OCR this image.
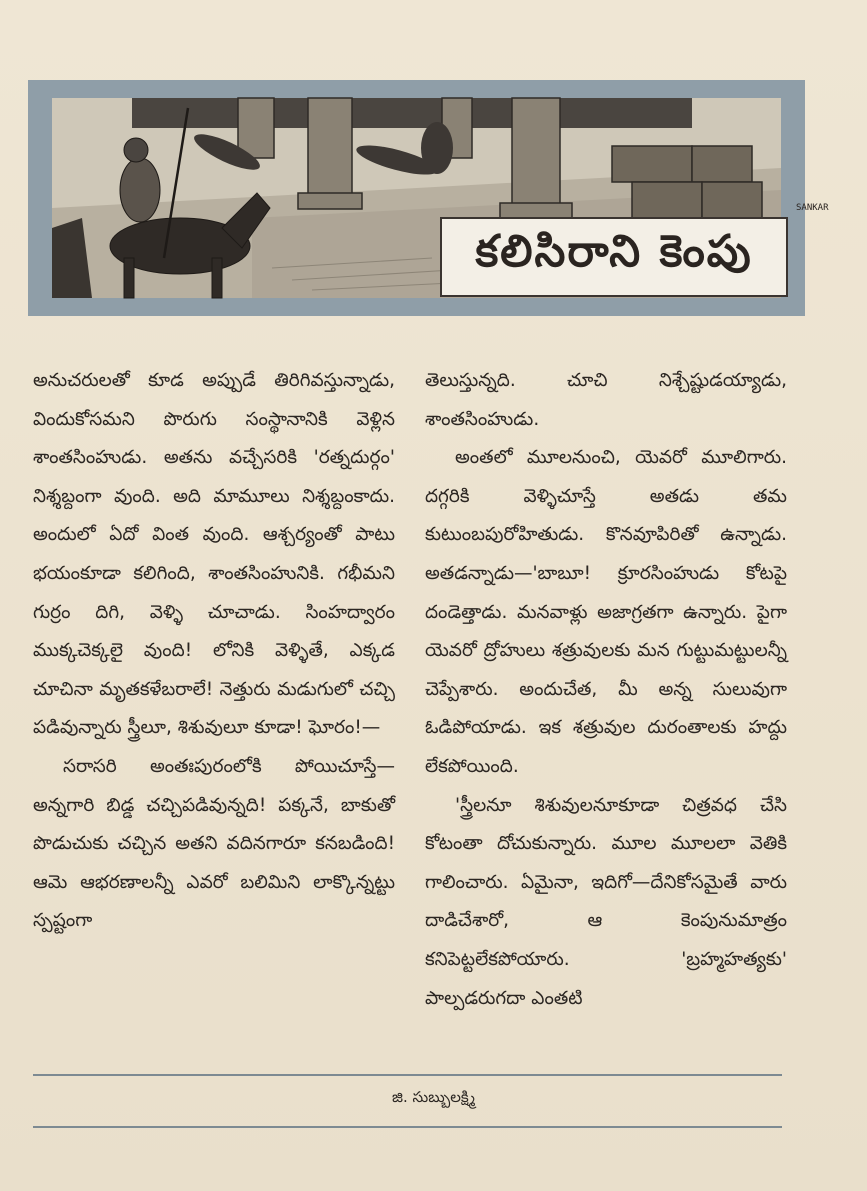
కలిసిరాని కెంపు
SANKAR

అనుచరులతో కూడ అప్పుడే తిరిగివస్తున్నాడు, విందుకోసమని పొరుగు సంస్థానానికి వెళ్లిన శాంతసింహుడు. అతను వచ్చేసరికి 'రత్నదుర్గం' నిశ్శబ్దంగా వుంది. అది మామూలు నిశ్శబ్దంకాదు. అందులో ఏదో వింత వుంది. ఆశ్చర్యంతో పాటు భయంకూడా కలిగింది, శాంతసింహునికి. గభీమని గుర్రం దిగి, వెళ్ళి చూచాడు. సింహద్వారం ముక్కచెక్కలై వుంది! లోనికి వెళ్ళితే, ఎక్కడ చూచినా మృతకళేబరాలే! నెత్తురు మడుగులో చచ్చి పడివున్నారు స్త్రీలూ, శిశువులూ కూడా! ఘోరం!—

సరాసరి అంతఃపురంలోకి పోయిచూస్తే— అన్నగారి బిడ్డ చచ్చిపడివున్నది! పక్కనే, బాకుతో పొడుచుకు చచ్చిన అతని వదినగారూ కనబడింది! ఆమె ఆభరణాలన్నీ ఎవరో బలిమిని లాక్కొన్నట్టు స్పష్టంగా

తెలుస్తున్నది. చూచి నిశ్చేష్టుడయ్యాడు, శాంతసింహుడు.

అంతలో మూలనుంచి, యెవరో మూలిగారు. దగ్గరికి వెళ్ళిచూస్తే అతడు తమ కుటుంబపురోహితుడు. కొనవూపిరితో ఉన్నాడు. అతడన్నాడు—'బాబూ! క్రూరసింహుడు కోటపై దండెత్తాడు. మనవాళ్లు అజాగ్రతగా ఉన్నారు. పైగా యెవరో ద్రోహులు శత్రువులకు మన గుట్టుమట్టులన్నీ చెప్పేశారు. అందుచేత, మీ అన్న సులువుగా ఓడిపోయాడు. ఇక శత్రువుల దురంతాలకు హద్దు లేకపోయింది.

'స్త్రీలనూ శిశువులనూకూడా చిత్రవధ చేసి కోటంతా దోచుకున్నారు. మూల మూలలా వెతికి గాలించారు. ఏమైనా, ఇదిగో—దేనికోసమైతే వారు దాడిచేశారో, ఆ కెంపునుమాత్రం కనిపెట్టలేకపోయారు. 'బ్రహ్మహత్యకు' పాల్పడరుగదా ఎంతటి

జి. సుబ్బులక్ష్మి
